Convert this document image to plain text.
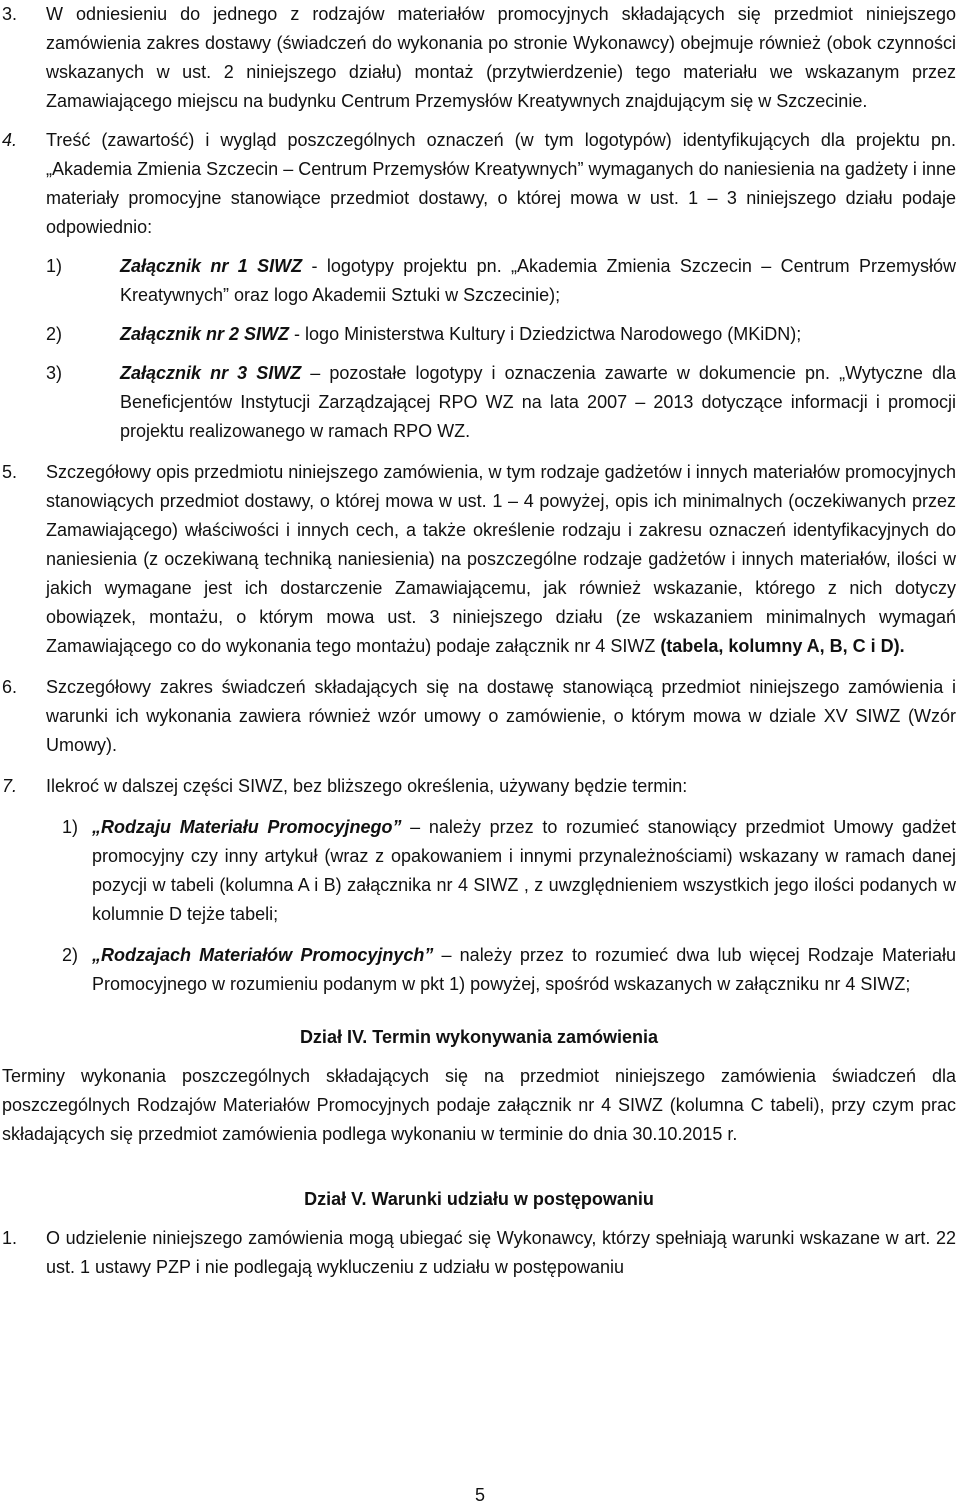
3. W odniesieniu do jednego z rodzajów materiałów promocyjnych składających się przedmiot niniejszego zamówienia zakres dostawy (świadczeń do wykonania po stronie Wykonawcy) obejmuje również (obok czynności wskazanych w ust. 2 niniejszego działu) montaż (przytwierdzenie) tego materiału we wskazanym przez Zamawiającego miejscu na budynku Centrum Przemysłów Kreatywnych znajdującym się w Szczecinie.
4. Treść (zawartość) i wygląd poszczególnych oznaczeń (w tym logotypów) identyfikujących dla projektu pn. „Akademia Zmienia Szczecin – Centrum Przemysłów Kreatywnych” wymaganych do naniesienia na gadżety i inne materiały promocyjne stanowiące przedmiot dostawy, o której mowa w ust. 1 – 3 niniejszego działu podaje odpowiednio:
1)	Załącznik nr 1 SIWZ - logotypy projektu pn. „Akademia Zmienia Szczecin – Centrum Przemysłów Kreatywnych” oraz logo Akademii Sztuki w Szczecinie);
2)	Załącznik nr 2 SIWZ - logo Ministerstwa Kultury i Dziedzictwa Narodowego (MKiDN);
3)	Załącznik nr 3 SIWZ – pozostałe logotypy i oznaczenia zawarte w dokumencie pn. „Wytyczne dla Beneficjentów Instytucji Zarządzającej RPO WZ na lata 2007 – 2013 dotyczące informacji i promocji projektu realizowanego w ramach RPO WZ.
5. Szczegółowy opis przedmiotu niniejszego zamówienia, w tym rodzaje gadżetów i innych materiałów promocyjnych stanowiących przedmiot dostawy, o której mowa w ust. 1 – 4 powyżej, opis ich minimalnych (oczekiwanych przez Zamawiającego) właściwości i innych cech, a także określenie rodzaju i zakresu oznaczeń identyfikacyjnych do naniesienia (z oczekiwaną techniką naniesienia) na poszczególne rodzaje gadżetów i innych materiałów, ilości w jakich wymagane jest ich dostarczenie Zamawiającemu, jak również wskazanie, którego z nich dotyczy obowiązek, montażu, o którym mowa ust. 3 niniejszego działu (ze wskazaniem minimalnych wymagań Zamawiającego co do wykonania tego montażu) podaje załącznik nr 4 SIWZ (tabela, kolumny A, B, C i D).
6. Szczegółowy zakres świadczeń składających się na dostawę stanowiącą przedmiot niniejszego zamówienia i warunki ich wykonania zawiera również wzór umowy o zamówienie, o którym mowa w dziale XV SIWZ (Wzór Umowy).
7. Ilekroć w dalszej części SIWZ, bez bliższego określenia, używany będzie termin:
1) „Rodzaju Materiału Promocyjnego” – należy przez to rozumieć stanowiący przedmiot Umowy gadżet promocyjny czy inny artykuł (wraz z opakowaniem i innymi przynależnościami) wskazany w ramach danej pozycji w tabeli (kolumna A i B) załącznika nr 4 SIWZ , z uwzględnieniem wszystkich jego ilości podanych w kolumnie D tejże tabeli;
2) „Rodzajach Materiałów Promocyjnych” – należy przez to rozumieć dwa lub więcej Rodzaje Materiału Promocyjnego w rozumieniu podanym w pkt 1) powyżej, spośród wskazanych w załączniku nr 4 SIWZ;
Dział IV. Termin wykonywania zamówienia
Terminy wykonania poszczególnych składających się na przedmiot niniejszego zamówienia świadczeń dla poszczególnych Rodzajów Materiałów Promocyjnych podaje załącznik nr 4 SIWZ (kolumna C tabeli), przy czym prac składających się przedmiot zamówienia podlega wykonaniu w terminie do dnia 30.10.2015 r.
Dział V. Warunki udziału w postępowaniu
1. O udzielenie niniejszego zamówienia mogą ubiegać się Wykonawcy, którzy spełniają warunki wskazane w art. 22 ust. 1 ustawy PZP i nie podlegają wykluczeniu z udziału w postępowaniu
5
